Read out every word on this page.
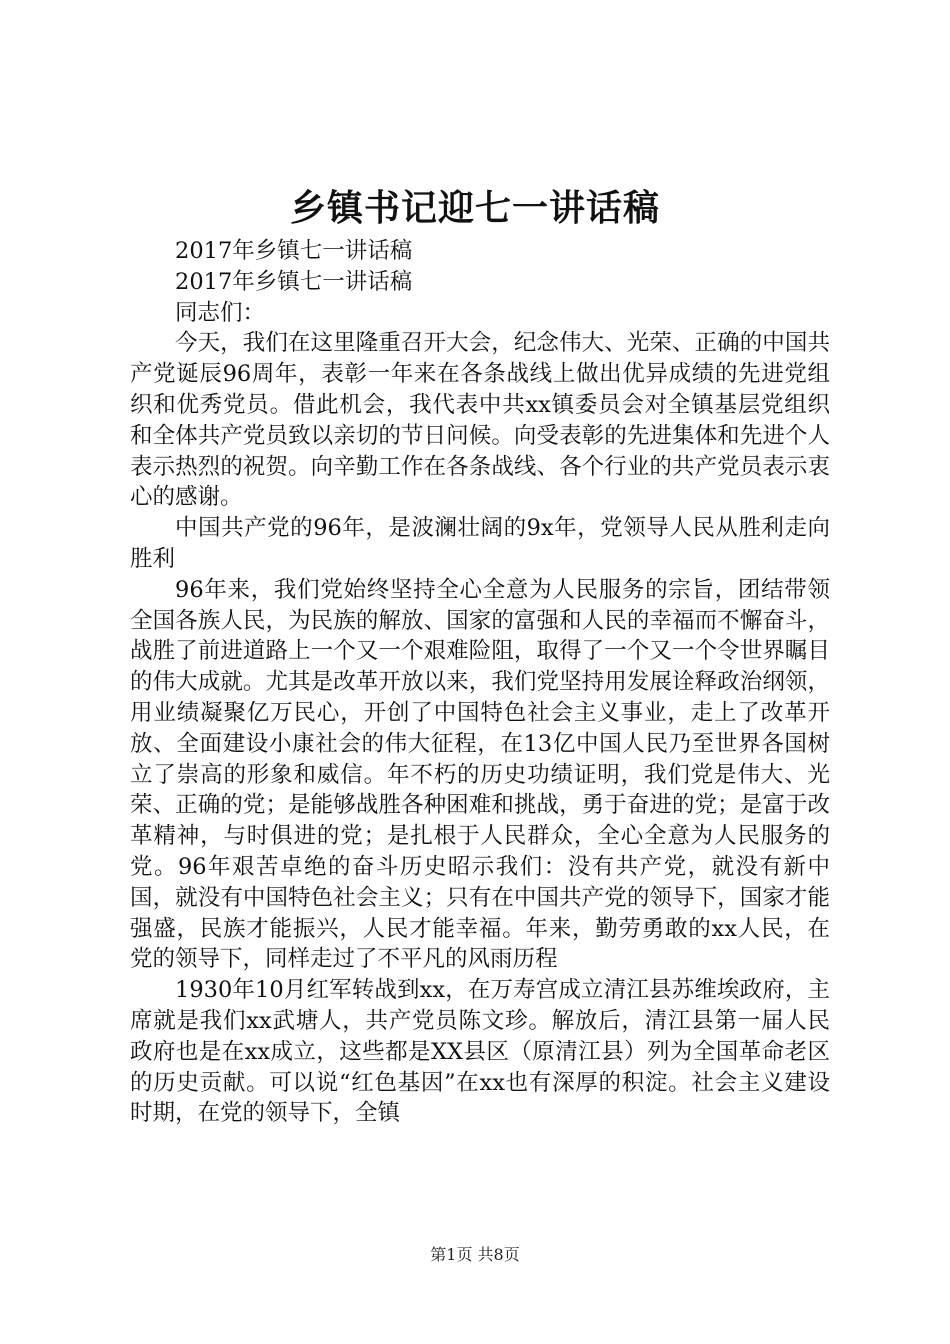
乡镇书记迎七一讲话稿

2017年乡镇七一讲话稿

2017年乡镇七一讲话稿

同志们：

今天，我们在这里隆重召开大会，纪念伟大、光荣、正确的中国共产党诞辰96周年，表彰一年来在各条战线上做出优异成绩的先进党组织和优秀党员。借此机会，我代表中共xx镇委员会对全镇基层党组织和全体共产党员致以亲切的节日问候。向受表彰的先进集体和先进个人表示热烈的祝贺。向辛勤工作在各条战线、各个行业的共产党员表示衷心的感谢。

中国共产党的96年，是波澜壮阔的9x年，党领导人民从胜利走向胜利

96年来，我们党始终坚持全心全意为人民服务的宗旨，团结带领全国各族人民，为民族的解放、国家的富强和人民的幸福而不懈奋斗，战胜了前进道路上一个又一个艰难险阻，取得了一个又一个令世界瞩目的伟大成就。尤其是改革开放以来，我们党坚持用发展诠释政治纲领，用业绩凝聚亿万民心，开创了中国特色社会主义事业，走上了改革开放、全面建设小康社会的伟大征程，在13亿中国人民乃至世界各国树立了崇高的形象和威信。年不朽的历史功绩证明，我们党是伟大、光荣、正确的党；是能够战胜各种困难和挑战，勇于奋进的党；是富于改革精神，与时俱进的党；是扎根于人民群众，全心全意为人民服务的党。96年艰苦卓绝的奋斗历史昭示我们：没有共产党，就没有新中国，就没有中国特色社会主义；只有在中国共产党的领导下，国家才能强盛，民族才能振兴，人民才能幸福。年来，勤劳勇敢的xx人民，在党的领导下，同样走过了不平凡的风雨历程

1930年10月红军转战到xx，在万寿宫成立清江县苏维埃政府，主席就是我们xx武塘人，共产党员陈文珍。解放后，清江县第一届人民政府也是在xx成立，这些都是XX县区（原清江县）列为全国革命老区的历史贡献。可以说“红色基因”在xx也有深厚的积淀。社会主义建设时期，在党的领导下，全镇

第1页 共8页
